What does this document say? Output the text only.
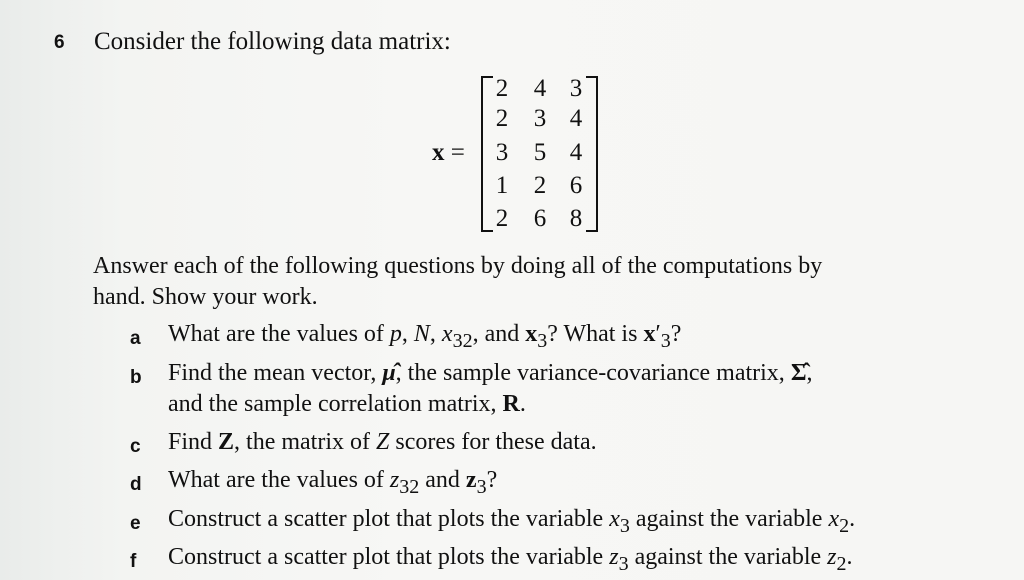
6 Consider the following data matrix:
x =
2 4 3
2 3 4
3 5 4
1 2 6
2 6 8
Answer each of the following questions by doing all of the computations by
hand. Show your work.
a What are the values of p, N, $x_{32}$, and $x_3$? What is $x'_3$?
b Find the mean vector, μ̂, the sample variance-covariance matrix, Σ̂,
and the sample correlation matrix, R.
c Find Z, the matrix of Z scores for these data.
d What are the values of $z_{32}$ and $z_3$?
e Construct a scatter plot that plots the variable $x_3$ against the variable $x_2$.
f Construct a scatter plot that plots the variable $z_3$ against the variable $z_2$.
